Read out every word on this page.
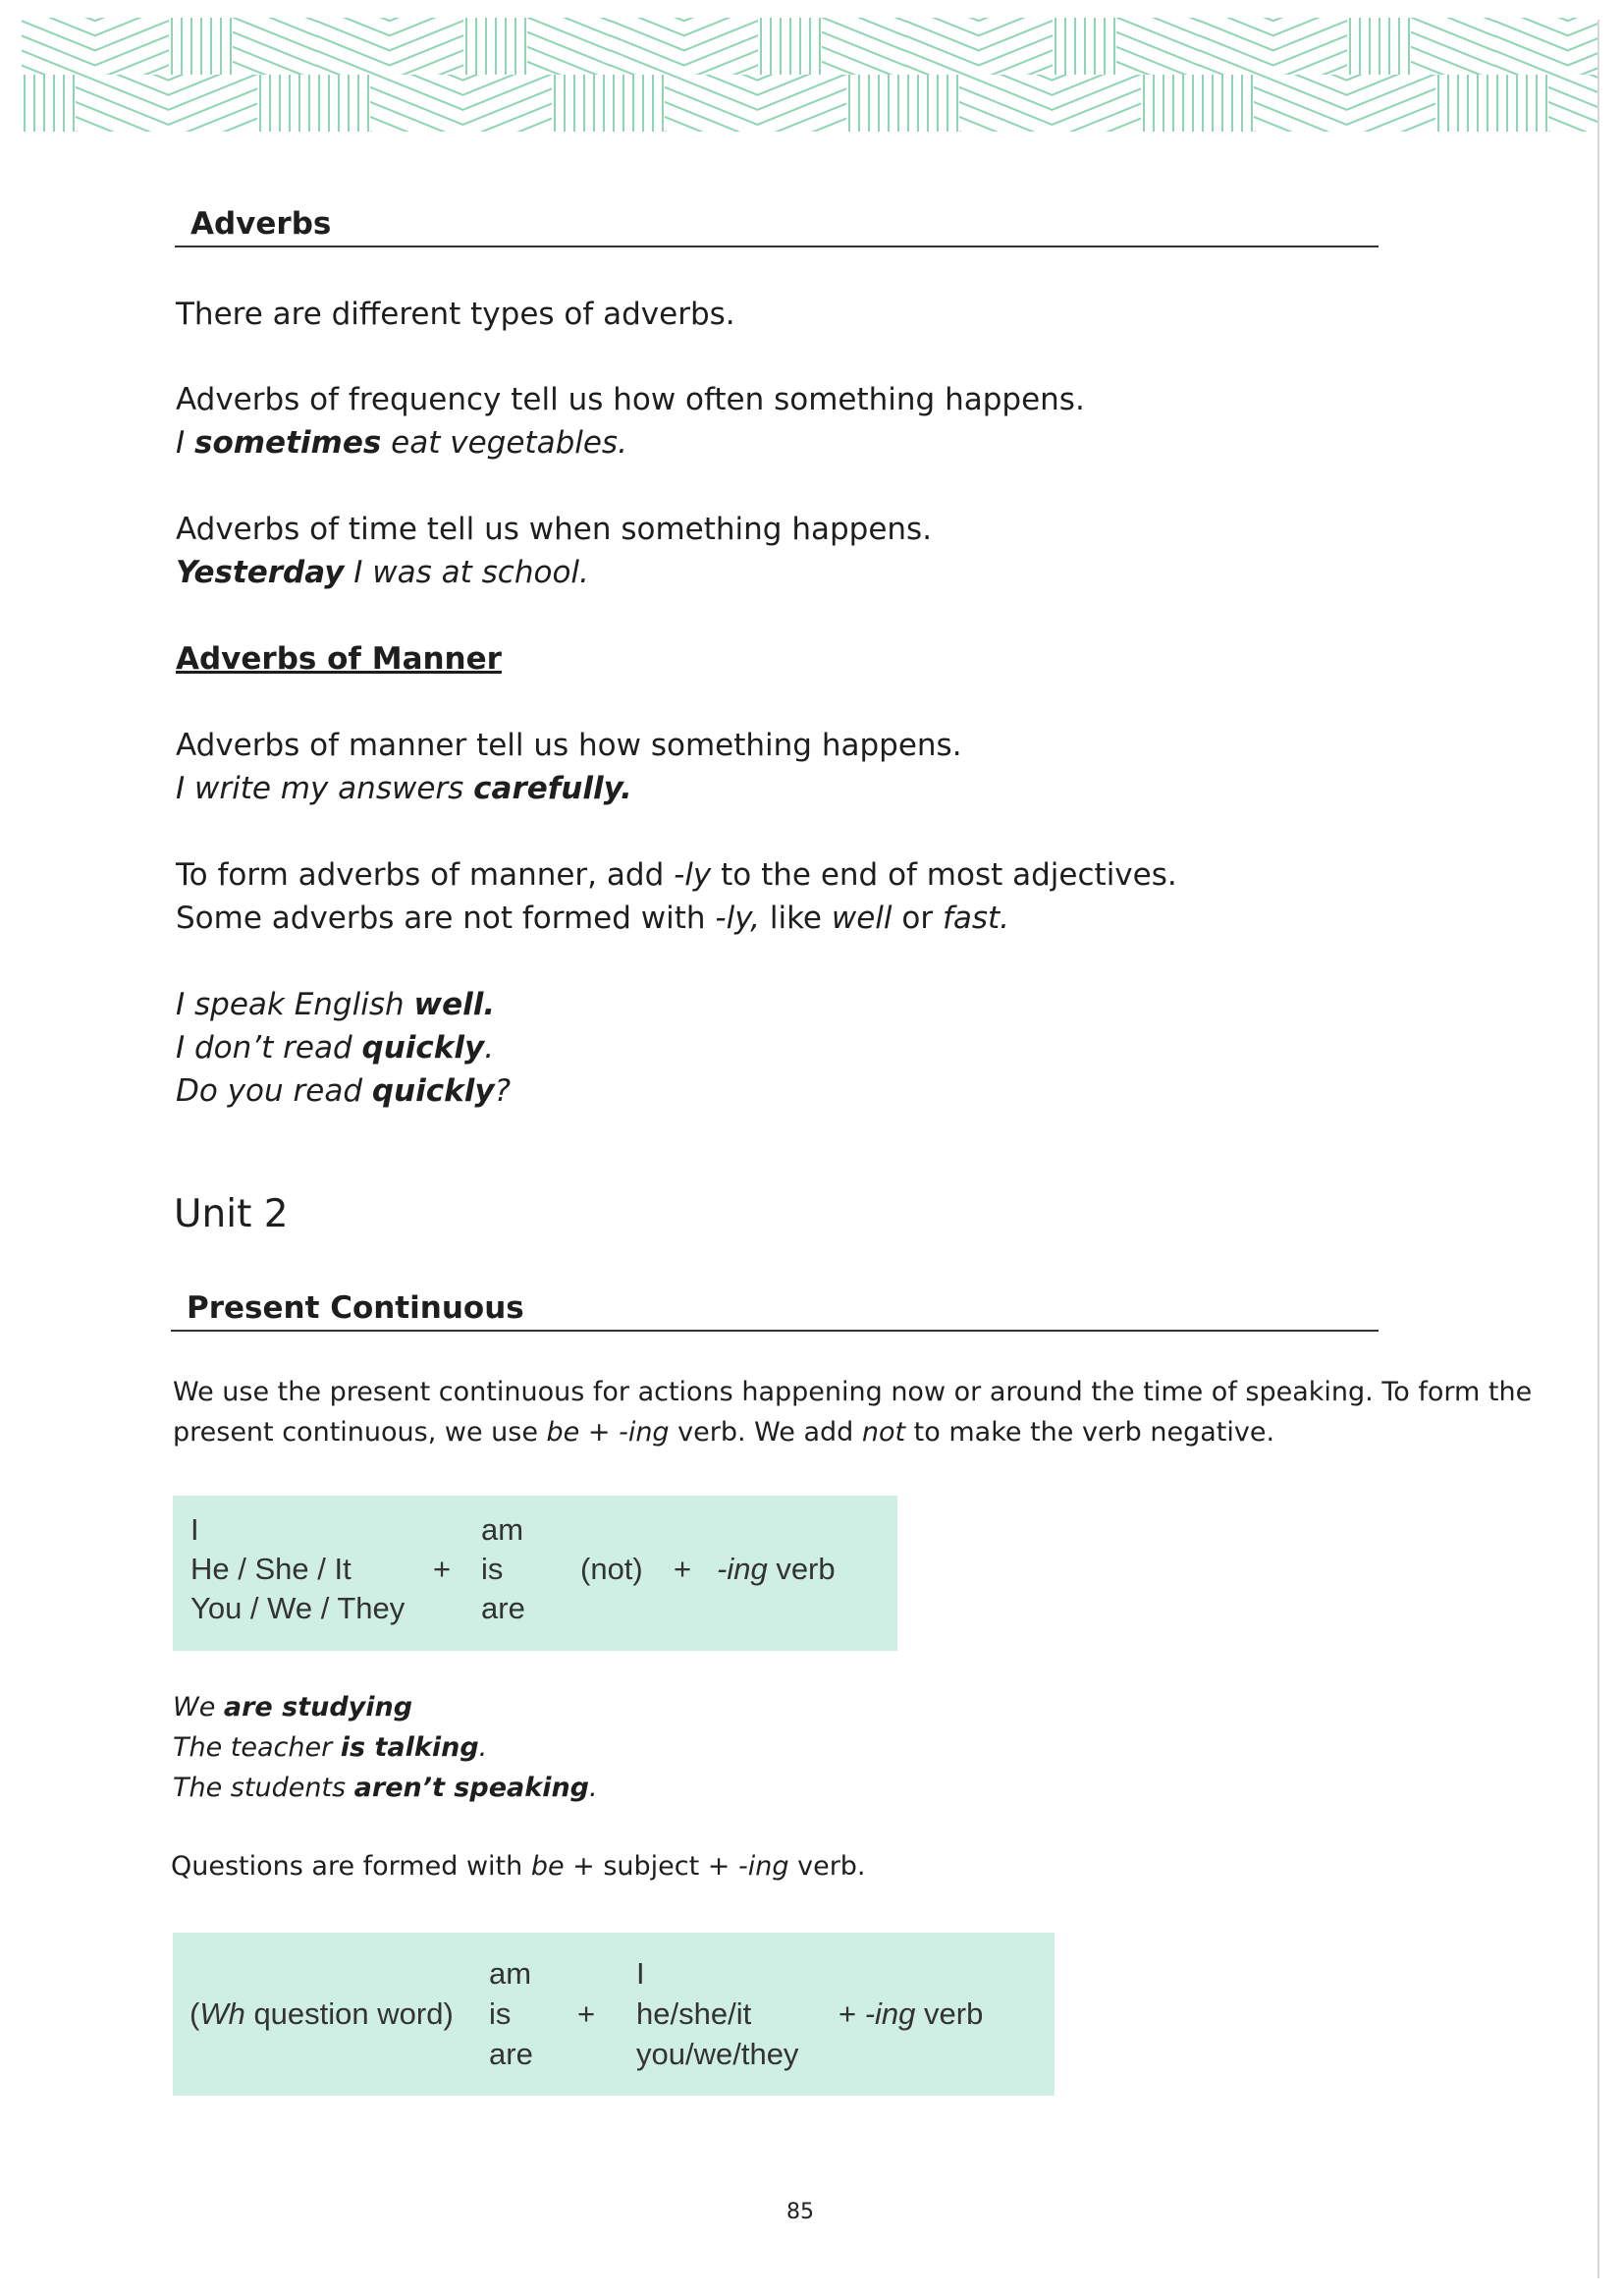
Adverbs
There are different types of adverbs.
Adverbs of frequency tell us how often something happens.
I sometimes eat vegetables.
Adverbs of time tell us when something happens.
Yesterday I was at school.
Adverbs of Manner
Adverbs of manner tell us how something happens.
I write my answers carefully.
To form adverbs of manner, add -ly to the end of most adjectives.
Some adverbs are not formed with -ly, like well or fast.
I speak English well.
I don’t read quickly.
Do you read quickly?
Unit 2
Present Continuous
We use the present continuous for actions happening now or around the time of speaking. To form the
present continuous, we use be + -ing verb. We add not to make the verb negative.
I
He / She / It
You / We / They
+
am
is
are
(not) + -ing verb
We are studying
The teacher is talking.
The students aren’t speaking.
Questions are formed with be + subject + -ing verb.
(Wh question word)
am
is
are
+
I
he/she/it
you/we/they
+ -ing verb
85
